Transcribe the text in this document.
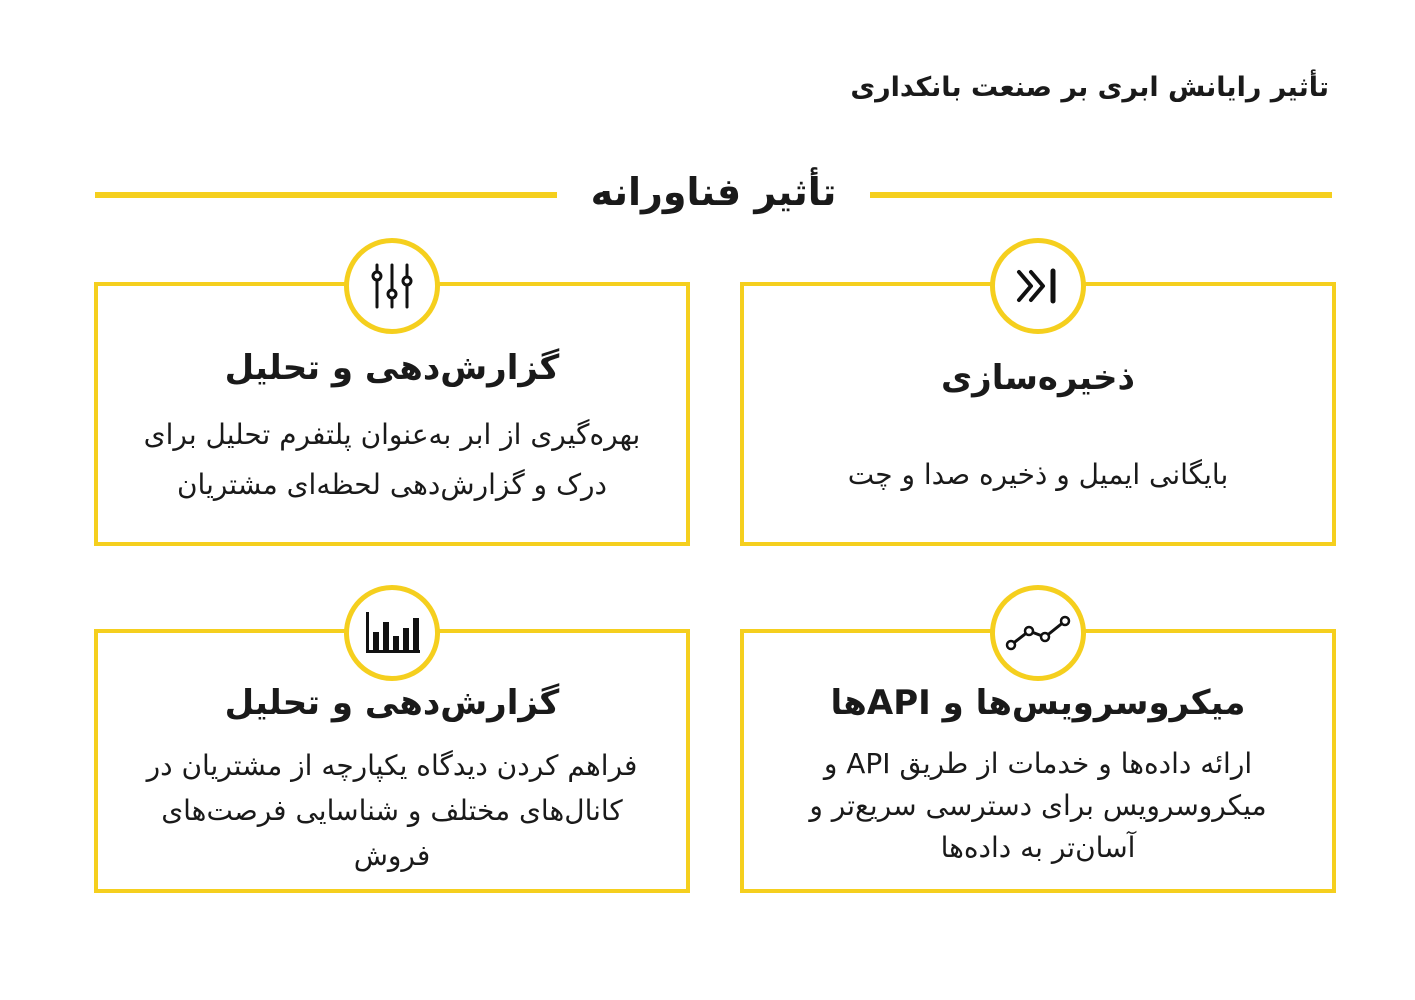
تأثیر رایانش ابری بر صنعت بانکداری
تأثیر فناورانه
ذخیره‌سازی
بایگانی ایمیل و ذخیره صدا و چت
گزارش‌دهی و تحلیل
بهره‌گیری از ابر به‌عنوان پلتفرم تحلیل برای درک و گزارش‌دهی لحظه‌ای مشتریان
میکروسرویس‌ها و APIها
ارائه داده‌ها و خدمات از طریق API و میکروسرویس برای دسترسی سریع‌تر و آسان‌تر به داده‌ها
گزارش‌دهی و تحلیل
فراهم کردن دیدگاه یکپارچه از مشتریان در کانال‌های مختلف و شناسایی فرصت‌های فروش
